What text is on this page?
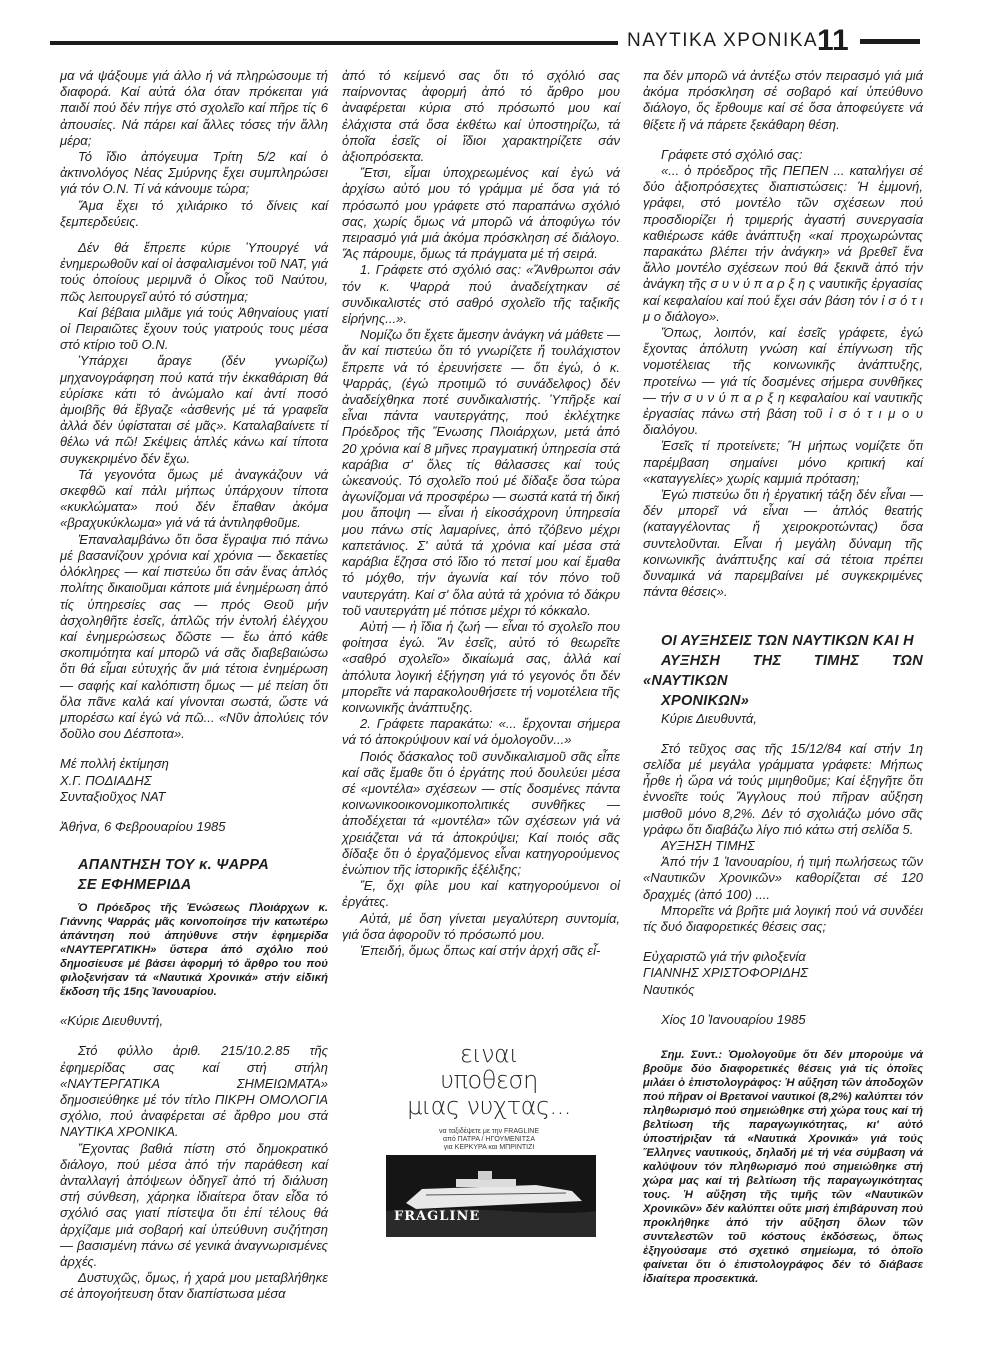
ΝΑΥΤΙΚΑ ΧΡΟΝΙΚΑ
11

μα νά ψάξουμε γιά άλλο ή νά πληρώσουμε τή διαφορά. Καί αὐτά όλα όταν πρόκειται γιά παιδί πού δέν πήγε στό σχολεῖο καί πῆρε τίς 6 ἀπουσίες. Νά πάρει καί ἄλλες τόσες τήν ἄλλη μέρα;

Τό ἴδιο ἀπόγευμα Τρίτη 5/2 καί ὁ ἀκτινολόγος Νέας Σμύρνης ἔχει συμπληρώσει γιά τόν Ο.Ν. Τί νά κάνουμε τώρα;

Ἄμα ἔχει τό χιλιάρικο τό δίνεις καί ξεμπερδεύεις.

Δέν θά ἔπρεπε κύριε Ὑπουργέ νά ἐνημερωθοῦν καί οἱ ἀσφαλισμένοι τοῦ ΝΑΤ, γιά τούς ὁποίους μεριμνᾶ ὁ Οἶκος τοῦ Ναύτου, πῶς λειτουργεῖ αὐτό τό σύστημα;

Καί βέβαια μιλᾶμε γιά τούς Ἀθηναίους γιατί οἱ Πειραιῶτες ἔχουν τούς γιατρούς τους μέσα στό κτίριο τοῦ Ο.Ν.

Ὑπάρχει ἄραγε (δέν γνωρίζω) μηχανογράφηση πού κατά τήν ἐκκαθάριση θά εὑρίσκε κάτι τό ἀνώμαλο καί ἀντί ποσό ἀμοιβῆς θά ἔβγαζε «ἀσθενής μέ τά γραφεῖα ἀλλά δέν ὑφίσταται σέ μᾶς». Καταλαβαίνετε τί θέλω νά πῶ! Σκέψεις ἁπλές κάνω καί τίποτα συγκεκριμένο δέν ἔχω.

Τά γεγονότα ὅμως μέ ἀναγκάζουν νά σκεφθῶ καί πάλι μήπως ὑπάρχουν τίποτα «κυκλώματα» πού δέν ἔπαθαν ἀκόμα «βραχυκύκλωμα» γιά νά τά ἀντιληφθοῦμε.

Ἐπαναλαμβάνω ὅτι ὅσα ἔγραψα πιό πάνω μέ βασανίζουν χρόνια καί χρόνια — δεκαετίες ὁλόκληρες — καί πιστεύω ὅτι σάν ἕνας ἁπλός πολίτης δικαιοῦμαι κάποτε μιά ἐνημέρωση ἀπό τίς ὑπηρεσίες σας — πρός Θεοῦ μήν ἀσχοληθῆτε ἐσεῖς, ἁπλῶς τήν ἐντολή ἐλέγχου καί ἐνημερώσεως δῶστε — ἔω ἀπό κάθε σκοπιμότητα καί μπορῶ νά σᾶς διαβεβαιώσω ὅτι θά εἶμαι εὐτυχής ἄν μιά τέτοια ἐνημέρωση — σαφής καί καλόπιστη ὅμως — μέ πείση ὅτι ὅλα πᾶνε καλά καί γίνονται σωστά, ὥστε νά μπορέσω καί ἐγώ νά πῶ... «Νῦν ἀπολύεις τόν δοῦλο σου Δέσποτα».

Μέ πολλή ἐκτίμηση

Χ.Γ. ΠΟΔΙΑΔΗΣ

Συνταξιοῦχος ΝΑΤ

Ἀθήνα, 6 Φεβρουαρίου 1985

ΑΠΑΝΤΗΣΗ ΤΟΥ κ. ΨΑΡΡΑ

ΣΕ ΕΦΗΜΕΡΙΔΑ

Ὁ Πρόεδρος τῆς Ἑνώσεως Πλοιάρχων κ. Γιάννης Ψαρράς μᾶς κοινοποίησε τήν κατωτέρω ἀπάντηση πού ἀπηύθυνε στήν ἐφημερίδα «ΝΑΥΤΕΡΓΑΤΙΚΗ» ὕστερα ἀπό σχόλιο πού δημοσίευσε μέ βάσει ἀφορμή τό ἄρθρο του πού φιλοξενήσαν τά «Ναυτικά Χρονικά» στήν εἰδική ἔκδοση τῆς 15ης Ἰανουαρίου.

«Κύριε Διευθυντή,

Στό φύλλο ἀριθ. 215/10.2.85 τῆς ἐφημερίδας σας καί στή στήλη «ΝΑΥΤΕΡΓΑΤΙΚΑ ΣΗΜΕΙΩΜΑΤΑ» δημοσιεύθηκε μέ τόν τίτλο ΠΙΚΡΗ ΟΜΟΛΟΓΙΑ σχόλιο, πού ἀναφέρεται σέ ἄρθρο μου στά ΝΑΥΤΙΚΑ ΧΡΟΝΙΚΑ.

Ἔχοντας βαθιά πίστη στό δημοκρατικό διάλογο, πού μέσα ἀπό τήν παράθεση καί ἀνταλλαγή ἀπόψεων ὁδηγεῖ ἀπό τή διάλυση στή σύνθεση, χάρηκα ἰδιαίτερα ὅταν εἶδα τό σχόλιό σας γιατί πίστεψα ὅτι ἐπί τέλους θά ἀρχίζαμε μιά σοβαρή καί ὑπεύθυνη συζήτηση — βασισμένη πάνω σέ γενικά ἀναγνωρισμένες ἀρχές.

Δυστυχῶς, ὅμως, ἡ χαρά μου μεταβλήθηκε σέ ἀπογοήτευση ὅταν διαπίστωσα μέσα

ἀπό τό κείμενό σας ὅτι τό σχόλιό σας παίρνοντας ἀφορμή ἀπό τό ἄρθρο μου ἀναφέρεται κύρια στό πρόσωπό μου καί ἐλάχιστα στά ὅσα ἐκθέτω καί ὑποστηρίζω, τά ὁποῖα ἐσεῖς οἱ ἴδιοι χαρακτηρίζετε σάν ἀξιοπρόσεκτα.

Ἔτσι, εἶμαι ὑποχρεωμένος καί ἐγώ νά ἀρχίσω αὐτό μου τό γράμμα μέ ὅσα γιά τό πρόσωπό μου γράφετε στό παραπάνω σχόλιό σας, χωρίς ὅμως νά μπορῶ νά ἀποφύγω τόν πειρασμό γιά μιά ἀκόμα πρόσκληση σέ διάλογο. Ἄς πάρουμε, ὅμως τά πράγματα μέ τή σειρά.

1. Γράφετε στό σχόλιό σας: «Ἄνθρωποι σάν τόν κ. Ψαρρά πού ἀναδείχτηκαν σέ συνδικαλιστές στό σαθρό σχολεῖο τῆς ταξικῆς εἰρήνης...».

Νομίζω ὅτι ἔχετε ἄμεσην ἀνάγκη νά μάθετε — ἄν καί πιστεύω ὅτι τό γνωρίζετε ἤ τουλάχιστον ἔπρεπε νά τό ἐρευνήσετε — ὅτι ἐγώ, ὁ κ. Ψαρράς, (ἐγώ προτιμῶ τό συνάδελφος) δέν ἀναδείχθηκα ποτέ συνδικαλιστής. Ὑπῆρξε καί εἶναι πάντα ναυτεργάτης, πού ἐκλέχτηκε Πρόεδρος τῆς Ἕνωσης Πλοιάρχων, μετά ἀπό 20 χρόνια καί 8 μῆνες πραγματική ὑπηρεσία στά καράβια σ' ὅλες τίς θάλασσες καί τούς ὠκεανούς. Τό σχολεῖο πού μέ δίδαξε ὅσα τώρα ἀγωνίζομαι νά προσφέρω — σωστά κατά τή δική μου ἄποψη — εἶναι ἡ εἰκοσάχρονη ὑπηρεσία μου πάνω στίς λαμαρίνες, ἀπό τζόβενο μέχρι καπετάνιος. Σ' αὐτά τά χρόνια καί μέσα στά καράβια ἔζησα στό ἴδιο τό πετσί μου καί ἔμαθα τό μόχθο, τήν ἀγωνία καί τόν πόνο τοῦ ναυτεργάτη. Καί σ' ὅλα αὐτά τά χρόνια τό δάκρυ τοῦ ναυτεργάτη μέ πότισε μέχρι τό κόκκαλο.

Αὐτή — ἡ ἴδια ἡ ζωή — εἶναι τό σχολεῖο που φοίτησα ἐγώ. Ἄν ἐσεῖς, αὐτό τό θεωρεῖτε «σαθρό σχολεῖο» δικαίωμά σας, ἀλλά καί ἀπόλυτα λογική ἐξήγηση γιά τό γεγονός ὅτι δέν μπορεῖτε νά παρακολουθήσετε τή νομοτέλεια τῆς κοινωνικῆς ἀνάπτυξης.

2. Γράφετε παρακάτω: «... ἔρχονται σήμερα νά τό ἀποκρύψουν καί νά ὁμολογοῦν...»

Ποιός δάσκαλος τοῦ συνδικαλισμοῦ σᾶς εἶπε καί σᾶς ἔμαθε ὅτι ὁ ἐργάτης πού δουλεύει μέσα σέ «μοντέλα» σχέσεων — στίς δοσμένες πάντα κοινωνικοοικονομικοπολιτικές συνθῆκες — ἀποδέχεται τά «μοντέλα» τῶν σχέσεων γιά νά χρειάζεται νά τά ἀποκρύψει; Καί ποιός σᾶς δίδαξε ὅτι ὁ ἐργαζόμενος εἶναι κατηγορούμενος ἐνώπιον τῆς ἱστορικῆς ἐξέλιξης;

Ἔ, ὄχι φίλε μου καί κατηγορούμενοι οἱ ἐργάτες.

Αὐτά, μέ ὅση γίνεται μεγαλύτερη συντομία, γιά ὅσα ἀφοροῦν τό πρόσωπό μου.

Ἐπειδή, ὅμως ὅπως καί στήν ἀρχή σᾶς εἶ-

ειναι
υποθεση
μιας νυχτας...
να ταξιδέψετε με την FRAGLINE
από ΠΑΤΡΑ / ΗΓΟΥΜΕΝΙΤΣΑ
για ΚΕΡΚΥΡΑ και ΜΠΡΙΝΤΙΖΙ
FRAGLINE

πα δέν μπορῶ νά ἀντέξω στόν πειρασμό γιά μιά ἀκόμα πρόσκληση σέ σοβαρό καί ὑπεύθυνο διάλογο, ὅς ἔρθουμε καί σέ ὅσα ἀποφεύγετε νά θίξετε ἤ νά πάρετε ξεκάθαρη θέση.

Γράφετε στό σχόλιό σας:

«... ὁ πρόεδρος τῆς ΠΕΠΕΝ ... καταλήγει σέ δύο ἀξιοπρόσεχτες διαπιστώσεις: Ἡ ἐμμονή, γράφει, στό μοντέλο τῶν σχέσεων πού προσδιορίζει ἡ τριμερής ἀγαστή συνεργασία καθιέρωσε κάθε ἀνάπτυξη «καί προχωρώντας παρακάτω βλέπει τήν ἀνάγκη» νά βρεθεῖ ἕνα ἄλλο μοντέλο σχέσεων πού θά ξεκινᾶ ἀπό τήν ἀνάγκη τῆς σ υ ν ύ π α ρ ξ η ς ναυτικῆς ἐργασίας καί κεφαλαίου καί πού ἔχει σάν βάση τόν ἰ σ ό τ ι μ ο διάλογο».

Ὅπως, λοιπόν, καί ἐσεῖς γράφετε, ἐγώ ἔχοντας ἀπόλυτη γνώση καί ἐπίγνωση τῆς νομοτέλειας τῆς κοινωνικῆς ἀνάπτυξης, προτείνω — γιά τίς δοσμένες σήμερα συνθῆκες — τήν σ υ ν ύ π α ρ ξ η κεφαλαίου καί ναυτικῆς ἐργασίας πάνω στή βάση τοῦ ἰ σ ό τ ι μ ο υ διαλόγου.

Ἐσεῖς τί προτείνετε; Ἤ μήπως νομίζετε ὅτι παρέμβαση σημαίνει μόνο κριτική καί «καταγγελίες» χωρίς καμμιά πρόταση;

Ἐγώ πιστεύω ὅτι ἡ ἐργατική τάξη δέν εἶναι — δέν μπορεῖ νά εἶναι — ἁπλός θεατής (καταγγέλοντας ἤ χειροκροτώντας) ὅσα συντελοῦνται. Εἶναι ἡ μεγάλη δύναμη τῆς κοινωνικῆς ἀνάπτυξης καί σά τέτοια πρέπει δυναμικά νά παρεμβαίνει μέ συγκεκριμένες πάντα θέσεις».

ΟΙ ΑΥΞΗΣΕΙΣ ΤΩΝ ΝΑΥΤΙΚΩΝ ΚΑΙ Η

ΑΥΞΗΣΗ ΤΗΣ ΤΙΜΗΣ ΤΩΝ «ΝΑΥΤΙΚΩΝ

ΧΡΟΝΙΚΩΝ»

Κύριε Διευθυντά,

Στό τεῦχος σας τῆς 15/12/84 καί στήν 1η σελίδα μέ μεγάλα γράμματα γράφετε: Μήπως ἦρθε ἡ ὥρα νά τούς μιμηθοῦμε; Καί ἐξηγῆτε ὅτι ἐννοεῖτε τούς Ἄγγλους πού πῆραν αὔξηση μισθοῦ μόνο 8,2%. Δέν τό σχολιάζω μόνο σᾶς γράφω ὅτι διαβάζω λίγο πιό κάτω στή σελίδα 5.

ΑΥΞΗΣΗ ΤΙΜΗΣ

Ἀπό τήν 1 Ἰανουαρίου, ἡ τιμή πωλήσεως τῶν «Ναυτικῶν Χρονικῶν» καθορίζεται σέ 120 δραχμές (ἀπό 100) ....

Μπορεῖτε νά βρῆτε μιά λογική πού νά συνδέει τίς δυό διαφορετικές θέσεις σας;

Εὐχαριστῶ γιά τήν φιλοξενία

ΓΙΑΝΝΗΣ ΧΡΙΣΤΟΦΟΡΙΔΗΣ

Ναυτικός

Χίος 10 Ἰανουαρίου 1985

Σημ. Συντ.: Ὁμολογοῦμε ὅτι δέν μπορούμε νά βροῦμε δύο διαφορετικές θέσεις γιά τίς ὁποῖες μιλάει ὁ ἐπιστολογράφος: Ἡ αὔξηση τῶν ἀποδοχῶν πού πῆραν οἱ Βρετανοί ναυτικοί (8,2%) καλύπτει τόν πληθωρισμό πού σημειώθηκε στή χώρα τους καί τή βελτίωση τῆς παραγωγικότητας, κι' αὐτό ὑποστήριξαν τά «Ναυτικά Χρονικά» γιά τούς Ἕλληνες ναυτικούς, δηλαδή μέ τή νέα σύμβαση νά καλύψουν τόν πληθωρισμό πού σημειώθηκε στή χώρα μας καί τή βελτίωση τῆς παραγωγικότητας τους. Ἡ αὔξηση τῆς τιμῆς τῶν «Ναυτικῶν Χρονικῶν» δέν καλύπτει οὔτε μισή ἐπιβάρυνση πού προκλήθηκε ἀπό τήν αὔξηση ὅλων τῶν συντελεστῶν τοῦ κόστους ἐκδόσεως, ὅπως ἐξηγούσαμε στό σχετικό σημείωμα, τό ὁποῖο φαίνεται ὅτι ὁ ἐπιστολογράφος δέν τό διάβασε ἰδιαίτερα προσεκτικά.
